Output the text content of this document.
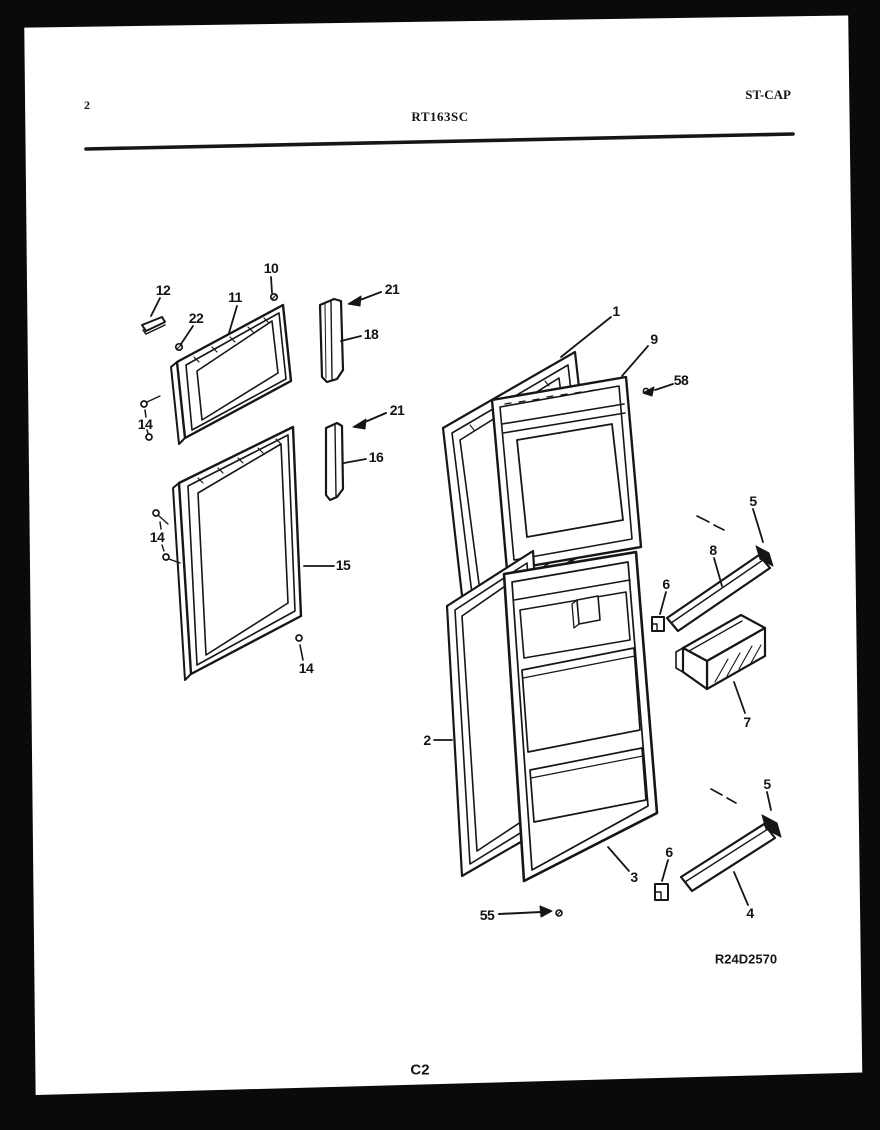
2
RT163SC
ST-CAP
12
10
11
22
21
18
14
21
16
14
15
14
1
9
58
5
8
6
7
2
3
55
6
4
5
R24D2570
C2
